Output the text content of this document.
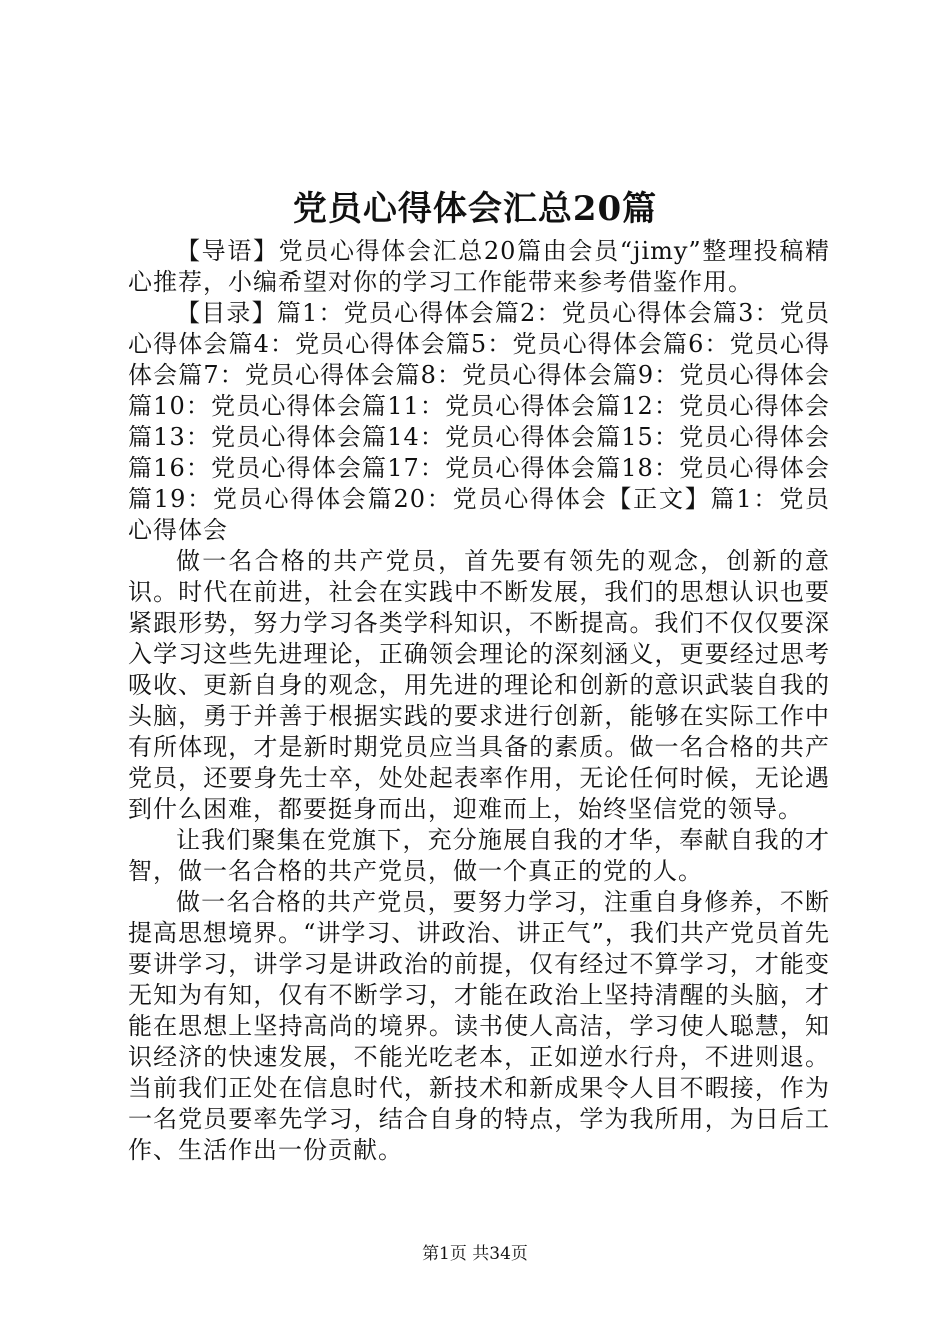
党员心得体会汇总20篇

【导语】党员心得体会汇总20篇由会员“jimy”整理投稿精心推荐，小编希望对你的学习工作能带来参考借鉴作用。

【目录】篇1：党员心得体会篇2：党员心得体会篇3：党员心得体会篇4：党员心得体会篇5：党员心得体会篇6：党员心得体会篇7：党员心得体会篇8：党员心得体会篇9：党员心得体会篇10：党员心得体会篇11：党员心得体会篇12：党员心得体会篇13：党员心得体会篇14：党员心得体会篇15：党员心得体会篇16：党员心得体会篇17：党员心得体会篇18：党员心得体会篇19：党员心得体会篇20：党员心得体会【正文】篇1：党员心得体会

做一名合格的共产党员，首先要有领先的观念，创新的意识。时代在前进，社会在实践中不断发展，我们的思想认识也要紧跟形势，努力学习各类学科知识，不断提高。我们不仅仅要深入学习这些先进理论，正确领会理论的深刻涵义，更要经过思考吸收、更新自身的观念，用先进的理论和创新的意识武装自我的头脑，勇于并善于根据实践的要求进行创新，能够在实际工作中有所体现，才是新时期党员应当具备的素质。做一名合格的共产党员，还要身先士卒，处处起表率作用，无论任何时候，无论遇到什么困难，都要挺身而出，迎难而上，始终坚信党的领导。

让我们聚集在党旗下，充分施展自我的才华，奉献自我的才智，做一名合格的共产党员，做一个真正的党的人。

做一名合格的共产党员，要努力学习，注重自身修养，不断提高思想境界。“讲学习、讲政治、讲正气”，我们共产党员首先要讲学习，讲学习是讲政治的前提，仅有经过不算学习，才能变无知为有知，仅有不断学习，才能在政治上坚持清醒的头脑，才能在思想上坚持高尚的境界。读书使人高洁，学习使人聪慧，知识经济的快速发展，不能光吃老本，正如逆水行舟，不进则退。当前我们正处在信息时代，新技术和新成果令人目不暇接，作为一名党员要率先学习，结合自身的特点，学为我所用，为日后工作、生活作出一份贡献。

第1页 共34页
